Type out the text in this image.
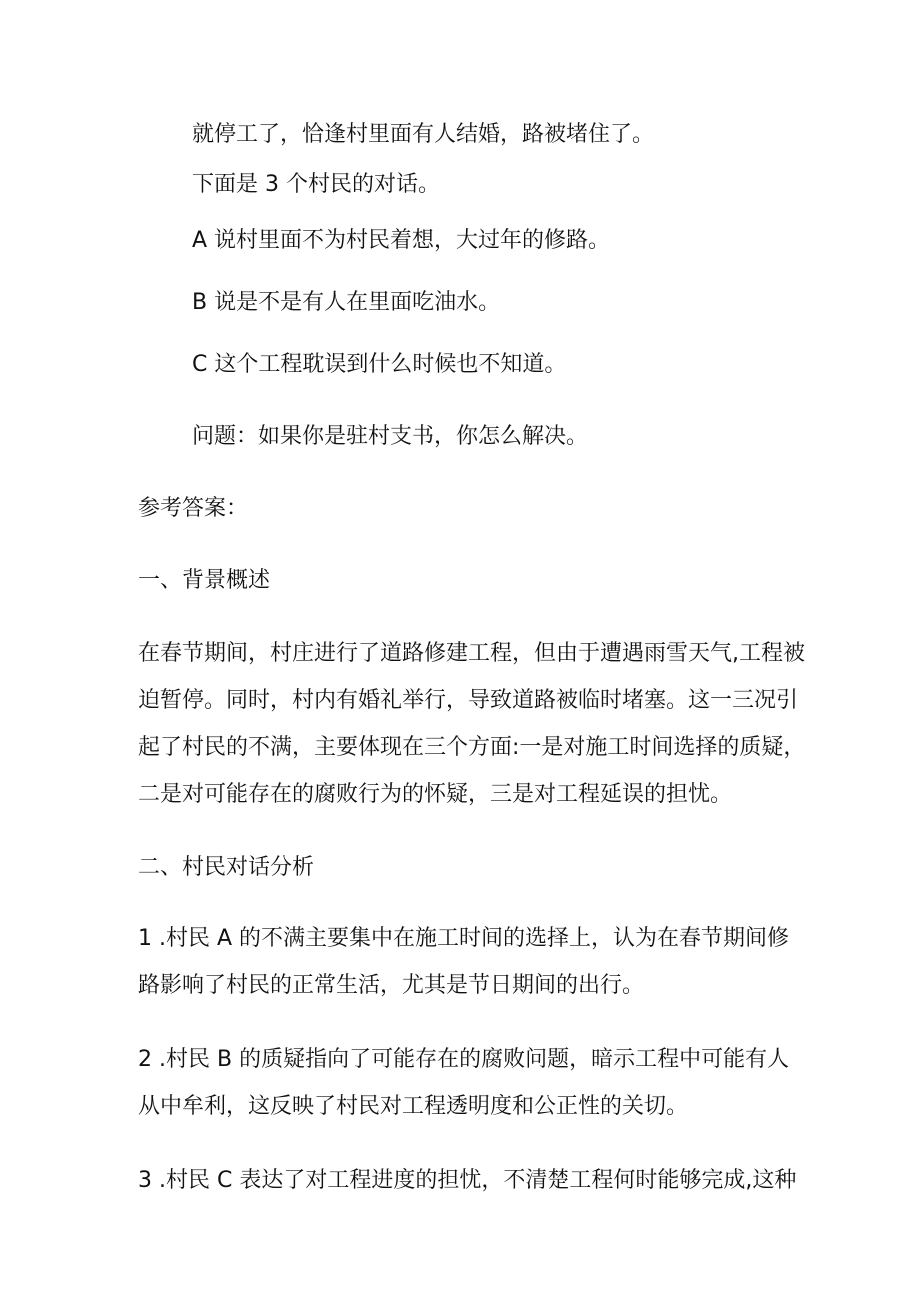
就停工了，恰逢村里面有人结婚，路被堵住了。

下面是 3 个村民的对话。

A 说村里面不为村民着想，大过年的修路。

B 说是不是有人在里面吃油水。

C 这个工程耽误到什么时候也不知道。

问题：如果你是驻村支书，你怎么解决。

参考答案：

一、背景概述

在春节期间，村庄进行了道路修建工程，但由于遭遇雨雪天气,工程被
迫暂停。同时，村内有婚礼举行，导致道路被临时堵塞。这一三况引
起了村民的不满，主要体现在三个方面:一是对施工时间选择的质疑，
二是对可能存在的腐败行为的怀疑，三是对工程延误的担忧。

二、村民对话分析

1 .村民 A 的不满主要集中在施工时间的选择上，认为在春节期间修
路影响了村民的正常生活，尤其是节日期间的出行。
2 .村民 B 的质疑指向了可能存在的腐败问题，暗示工程中可能有人
从中牟利，这反映了村民对工程透明度和公正性的关切。
3 .村民 C 表达了对工程进度的担忧，不清楚工程何时能够完成,这种
